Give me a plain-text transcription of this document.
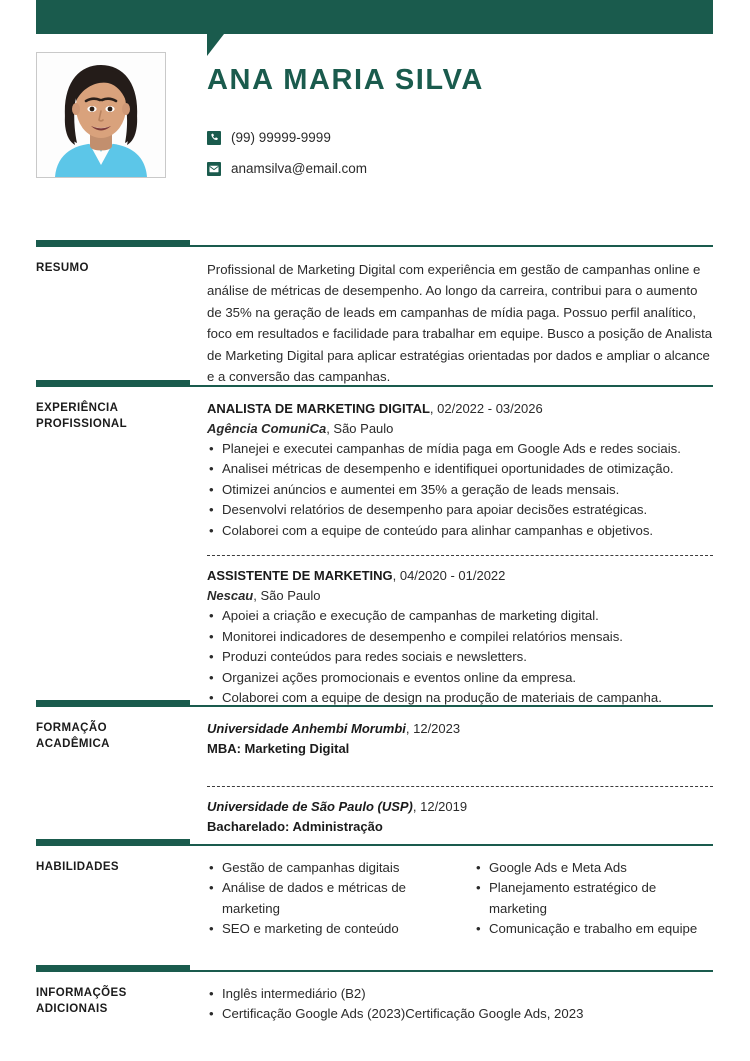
ANA MARIA SILVA
(99) 99999-9999
anamsilva@email.com
RESUMO	Profissional de Marketing Digital com experiência em gestão de campanhas online e análise de métricas de desempenho. Ao longo da carreira, contribui para o aumento de 35% na geração de leads em campanhas de mídia paga. Possuo perfil analítico, foco em resultados e facilidade para trabalhar em equipe. Busco a posição de Analista de Marketing Digital para aplicar estratégias orientadas por dados e ampliar o alcance e a conversão das campanhas.
EXPERIÊNCIA
PROFISSIONAL
ANALISTA DE MARKETING DIGITAL, 02/2022 - 03/2026
Agência ComuniCa, São Paulo
• Planejei e executei campanhas de mídia paga em Google Ads e redes sociais.
• Analisei métricas de desempenho e identifiquei oportunidades de otimização.
• Otimizei anúncios e aumentei em 35% a geração de leads mensais.
• Desenvolvi relatórios de desempenho para apoiar decisões estratégicas.
• Colaborei com a equipe de conteúdo para alinhar campanhas e objetivos.
ASSISTENTE DE MARKETING, 04/2020 - 01/2022
Nescau, São Paulo
• Apoiei a criação e execução de campanhas de marketing digital.
• Monitorei indicadores de desempenho e compilei relatórios mensais.
• Produzi conteúdos para redes sociais e newsletters.
• Organizei ações promocionais e eventos online da empresa.
• Colaborei com a equipe de design na produção de materiais de campanha.
FORMAÇÃO
ACADÊMICA
Universidade Anhembi Morumbi, 12/2023
MBA: Marketing Digital
Universidade de São Paulo (USP), 12/2019
Bacharelado: Administração
HABILIDADES	• Gestão de campanhas digitais
• Análise de dados e métricas de marketing
• SEO e marketing de conteúdo
• Google Ads e Meta Ads
• Planejamento estratégico de marketing
• Comunicação e trabalho em equipe
INFORMAÇÕES
ADICIONAIS
• Inglês intermediário (B2)
• Certificação Google Ads (2023)Certificação Google Ads, 2023
